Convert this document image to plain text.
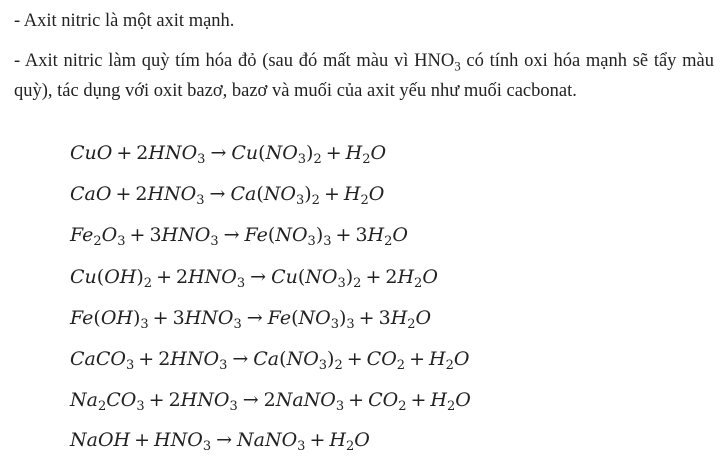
- Axit nitric là một axit mạnh.

- Axit nitric làm quỳ tím hóa đỏ (sau đó mất màu vì $HNO_3$ có tính oxi hóa mạnh sẽ tẩy màu quỳ), tác dụng với oxit bazơ, bazơ và muối của axit yếu như muối cacbonat.

CuO + $2HNO_3 \to Cu(NO_3)_2 + H_2O$
CaO + $2HNO_3 \to Ca(NO_3)_2 + H_2O$
$Fe_2O_3 + 3HNO_3 \to Fe(NO_3)_3 + 3H_2O$
$Cu(OH)_2 + 2HNO_3 \to Cu(NO_3)_2 + 2H_2O$
$Fe(OH)_3 + 3HNO_3 \to Fe(NO_3)_3 + 3H_2O$
CaCO$_3$ + $2HNO_3 \to Ca(NO_3)_2 + CO_2 + H_2O$
$Na_2CO_3 + 2HNO_3$ → 2NaNO$_3$ + $CO_2 + H_2O$
NaOH + $HNO_3$ → NaNO$_3$ + $H_2O$
